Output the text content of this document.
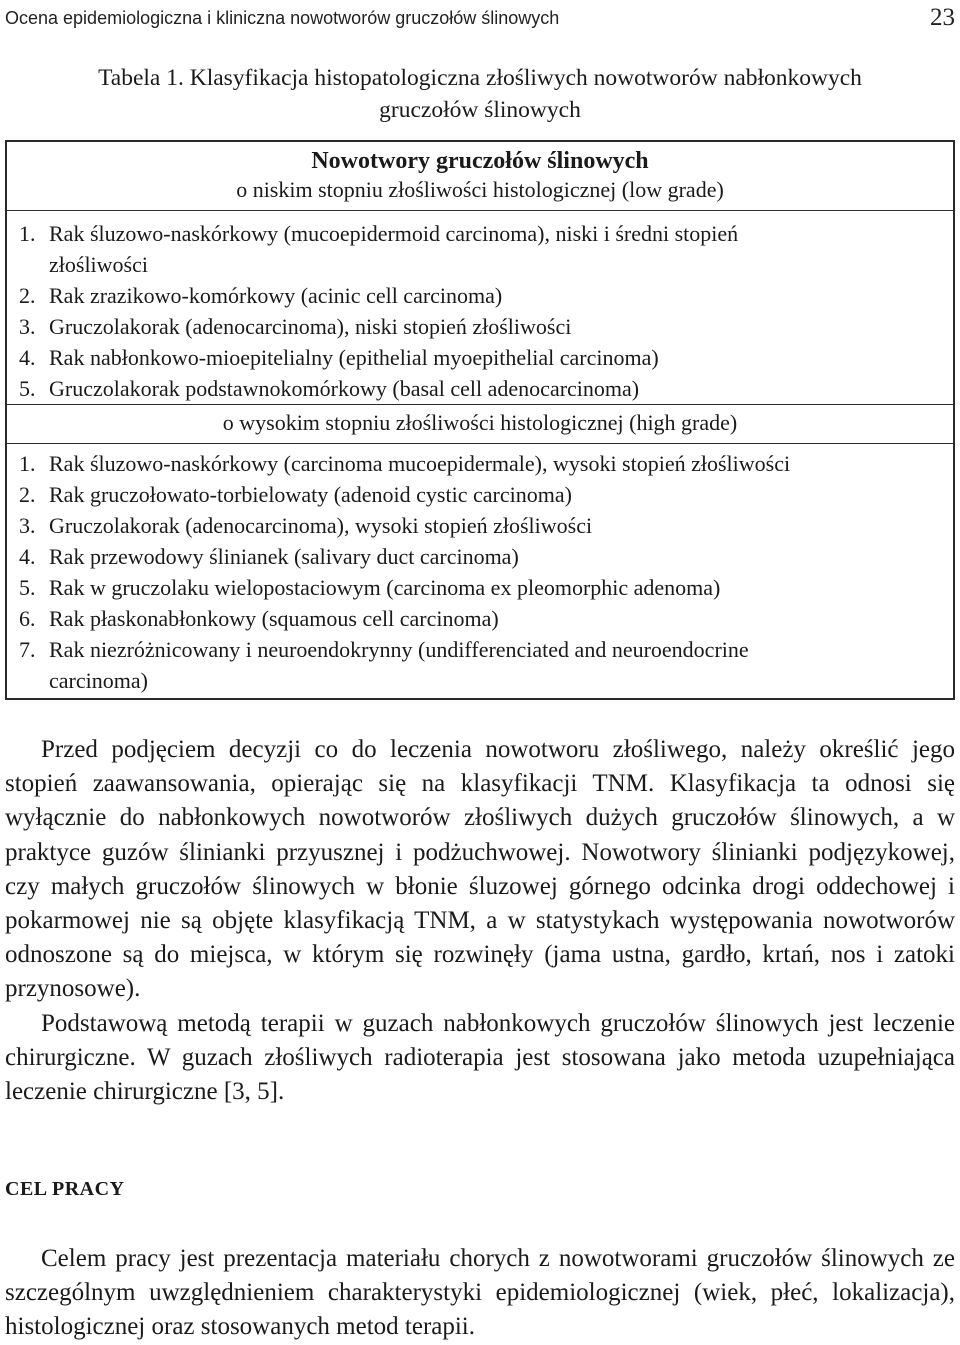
Ocena epidemiologiczna i kliniczna nowotworów gruczołów ślinowych	23
Tabela 1. Klasyfikacja histopatologiczna złośliwych nowotworów nabłonkowych
gruczołów ślinowych
Nowotwory gruczołów ślinowych
o niskim stopniu złośliwości histologicznej (low grade)
1. Rak śluzowo-naskórkowy (mucoepidermoid carcinoma), niski i średni stopień
złośliwości
2. Rak zrazikowo-komórkowy (acinic cell carcinoma)
3. Gruczolakorak (adenocarcinoma), niski stopień złośliwości
4. Rak nabłonkowo-mioepitelialny (epithelial myoepithelial carcinoma)
5. Gruczolakorak podstawnokomórkowy (basal cell adenocarcinoma)
o wysokim stopniu złośliwości histologicznej (high grade)
1. Rak śluzowo-naskórkowy (carcinoma mucoepidermale), wysoki stopień złośliwości
2. Rak gruczołowato-torbielowaty (adenoid cystic carcinoma)
3. Gruczolakorak (adenocarcinoma), wysoki stopień złośliwości
4. Rak przewodowy ślinianek (salivary duct carcinoma)
5. Rak w gruczolaku wielopostaciowym (carcinoma ex pleomorphic adenoma)
6. Rak płaskonabłonkowy (squamous cell carcinoma)
7. Rak niezróżnicowany i neuroendokrynny (undifferenciated and neuroendocrine
carcinoma)

Przed podjęciem decyzji co do leczenia nowotworu złośliwego, należy określić jego stopień zaawansowania, opierając się na klasyfikacji TNM. Klasyfikacja ta odnosi się wyłącznie do nabłonkowych nowotworów złośliwych dużych gruczołów ślinowych, a w praktyce guzów ślinianki przyusznej i podżuchwowej. Nowotwory ślinianki podjęzykowej, czy małych gruczołów ślinowych w błonie śluzowej górnego odcinka drogi oddechowej i pokarmowej nie są objęte klasyfikacją TNM, a w statystykach występowania nowotworów odnoszone są do miejsca, w którym się rozwinęły (jama ustna, gardło, krtań, nos i zatoki przynosowe).

Podstawową metodą terapii w guzach nabłonkowych gruczołów ślinowych jest leczenie chirurgiczne. W guzach złośliwych radioterapia jest stosowana jako metoda uzupełniająca leczenie chirurgiczne [3, 5].

CEL PRACY

Celem pracy jest prezentacja materiału chorych z nowotworami gruczołów ślinowych ze szczególnym uwzględnieniem charakterystyki epidemiologicznej (wiek, płeć, lokalizacja), histologicznej oraz stosowanych metod terapii.
